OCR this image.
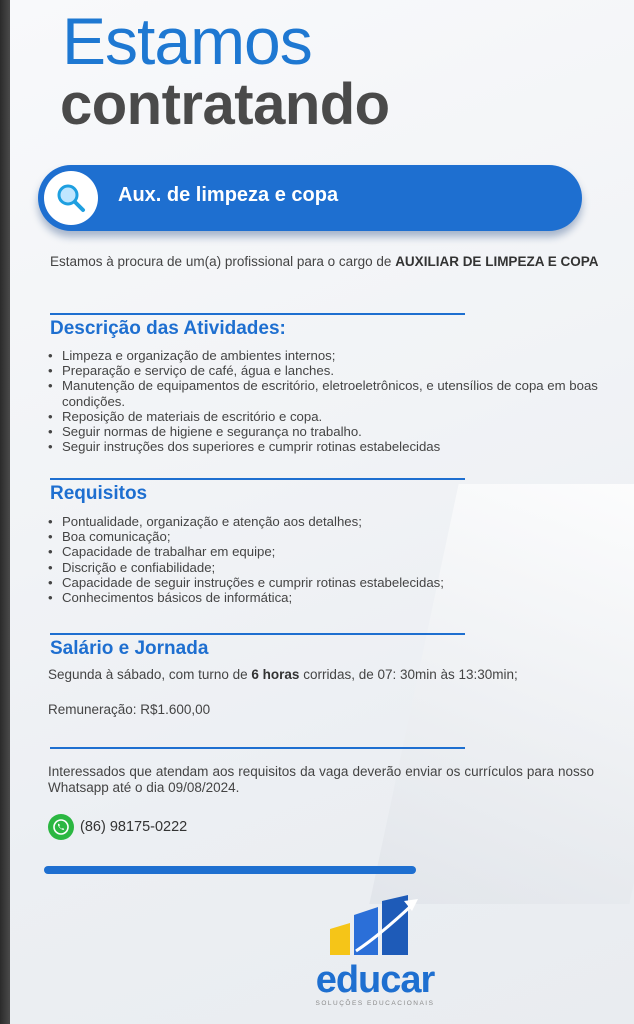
Estamos
contratando
Aux. de limpeza e copa
Estamos à procura de um(a) profissional para o cargo de AUXILIAR DE LIMPEZA E COPA
Descrição das Atividades:
• Limpeza e organização de ambientes internos;
• Preparação e serviço de café, água e lanches.
• Manutenção de equipamentos de escritório, eletroeletrônicos, e utensílios de copa em boas condições.
• Reposição de materiais de escritório e copa.
• Seguir normas de higiene e segurança no trabalho.
• Seguir instruções dos superiores e cumprir rotinas estabelecidas
Requisitos
• Pontualidade, organização e atenção aos detalhes;
• Boa comunicação;
• Capacidade de trabalhar em equipe;
• Discrição e confiabilidade;
• Capacidade de seguir instruções e cumprir rotinas estabelecidas;
• Conhecimentos básicos de informática;
Salário e Jornada
Segunda à sábado, com turno de 6 horas corridas, de 07: 30min às 13:30min;
Remuneração: R$1.600,00
Interessados que atendam aos requisitos da vaga deverão enviar os currículos para nosso Whatsapp até o dia 09/08/2024.
(86) 98175-0222
educar
SOLUÇÕES EDUCACIONAIS
